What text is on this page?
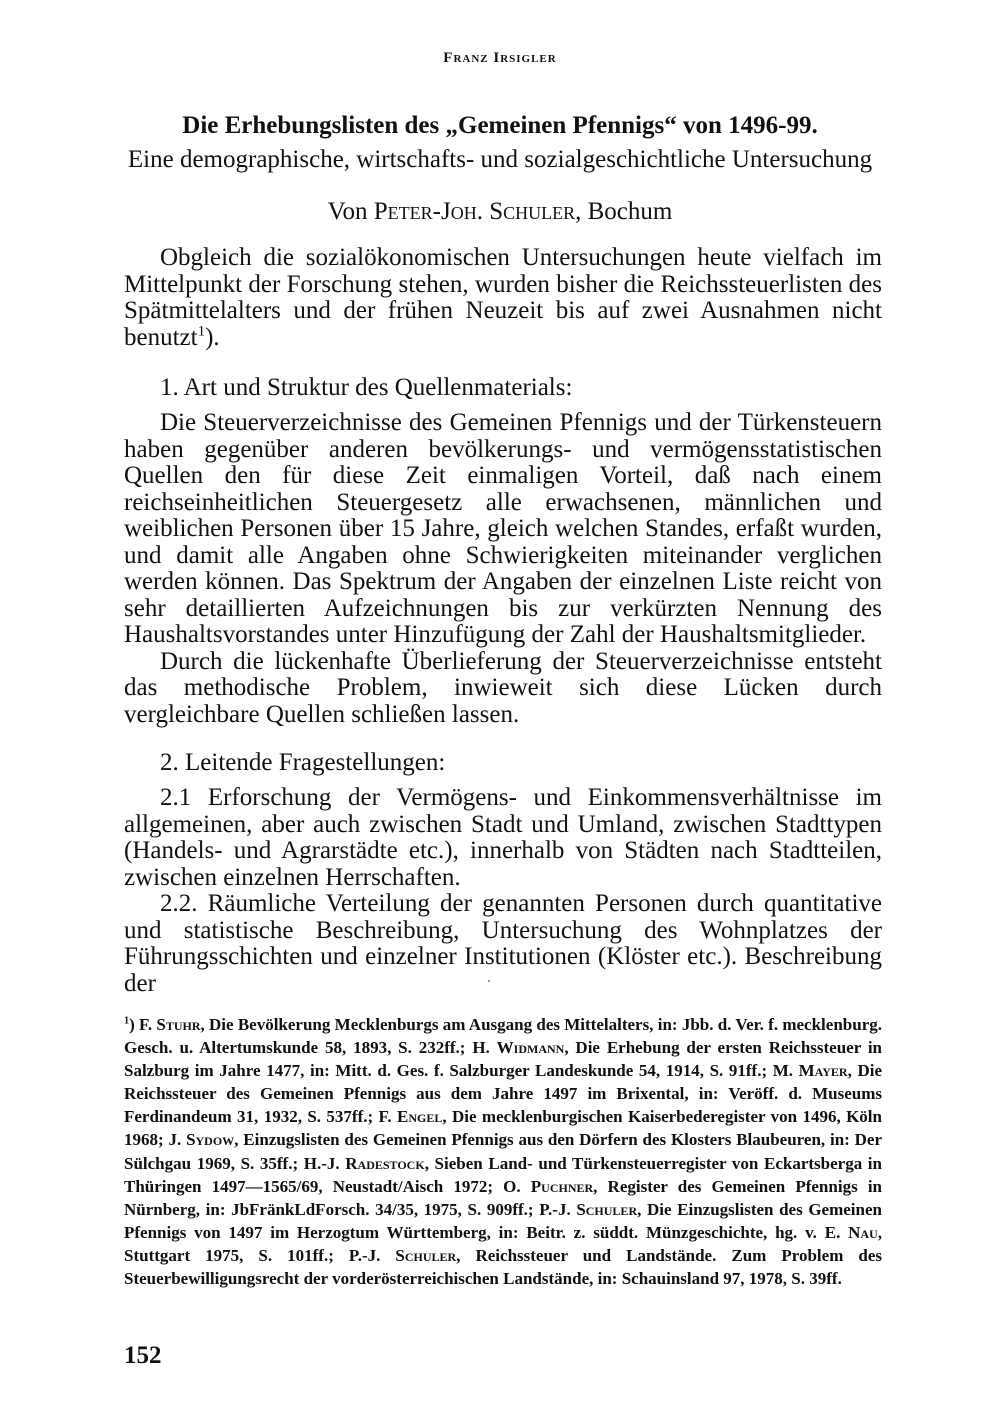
Franz Irsigler
Die Erhebungslisten des „Gemeinen Pfennigs“ von 1496-99.
Eine demographische, wirtschafts- und sozialgeschichtliche Untersuchung
Von Peter-Joh. Schuler, Bochum

Obgleich die sozialökonomischen Untersuchungen heute vielfach im Mittelpunkt der Forschung stehen, wurden bisher die Reichssteuerlisten des Spätmittelalters und der frühen Neuzeit bis auf zwei Ausnahmen nicht benutzt$^1$).

1. Art und Struktur des Quellenmaterials:

Die Steuerverzeichnisse des Gemeinen Pfennigs und der Türkensteuern haben gegenüber anderen bevölkerungs- und vermögensstatistischen Quellen den für diese Zeit einmaligen Vorteil, daß nach einem reichseinheitlichen Steuergesetz alle erwachsenen, männlichen und weiblichen Personen über 15 Jahre, gleich welchen Standes, erfaßt wurden, und damit alle Angaben ohne Schwierigkeiten miteinander verglichen werden können. Das Spektrum der Angaben der einzelnen Liste reicht von sehr detaillierten Aufzeichnungen bis zur verkürzten Nennung des Haushaltsvorstandes unter Hinzufügung der Zahl der Haushaltsmitglieder.

Durch die lückenhafte Überlieferung der Steuerverzeichnisse entsteht das methodische Problem, inwieweit sich diese Lücken durch vergleichbare Quellen schließen lassen.

2. Leitende Fragestellungen:

2.1 Erforschung der Vermögens- und Einkommensverhältnisse im allgemeinen, aber auch zwischen Stadt und Umland, zwischen Stadttypen (Handels- und Agrarstädte etc.), innerhalb von Städten nach Stadtteilen, zwischen einzelnen Herrschaften.

2.2. Räumliche Verteilung der genannten Personen durch quantitative und statistische Beschreibung, Untersuchung des Wohnplatzes der Führungsschichten und einzelner Institutionen (Klöster etc.). Beschreibung der

$^1$) F. Stuhr, Die Bevölkerung Mecklenburgs am Ausgang des Mittelalters, in: Jbb. d. Ver. f. mecklenburg. Gesch. u. Altertumskunde 58, 1893, S. 232ff.; H. Widmann, Die Erhebung der ersten Reichssteuer in Salzburg im Jahre 1477, in: Mitt. d. Ges. f. Salzburger Landeskunde 54, 1914, S. 91ff.; M. Mayer, Die Reichssteuer des Gemeinen Pfennigs aus dem Jahre 1497 im Brixental, in: Veröff. d. Museums Ferdinandeum 31, 1932, S. 537ff.; F. Engel, Die mecklenburgischen Kaiserbederegister von 1496, Köln 1968; J. Sydow, Einzugslisten des Gemeinen Pfennigs aus den Dörfern des Klosters Blaubeuren, in: Der Sülchgau 1969, S. 35ff.; H.-J. Radestock, Sieben Land- und Türkensteuerregister von Eckartsberga in Thüringen 1497—1565/69, Neustadt/Aisch 1972; O. Puchner, Register des Gemeinen Pfennigs in Nürnberg, in: JbFränkLdForsch. 34/35, 1975, S. 909ff.; P.-J. Schuler, Die Einzugslisten des Gemeinen Pfennigs von 1497 im Herzogtum Württemberg, in: Beitr. z. süddt. Münzgeschichte, hg. v. E. Nau, Stuttgart 1975, S. 101ff.; P.-J. Schuler, Reichssteuer und Landstände. Zum Problem des Steuerbewilligungsrecht der vorderösterreichischen Landstände, in: Schauinsland 97, 1978, S. 39ff.

152
